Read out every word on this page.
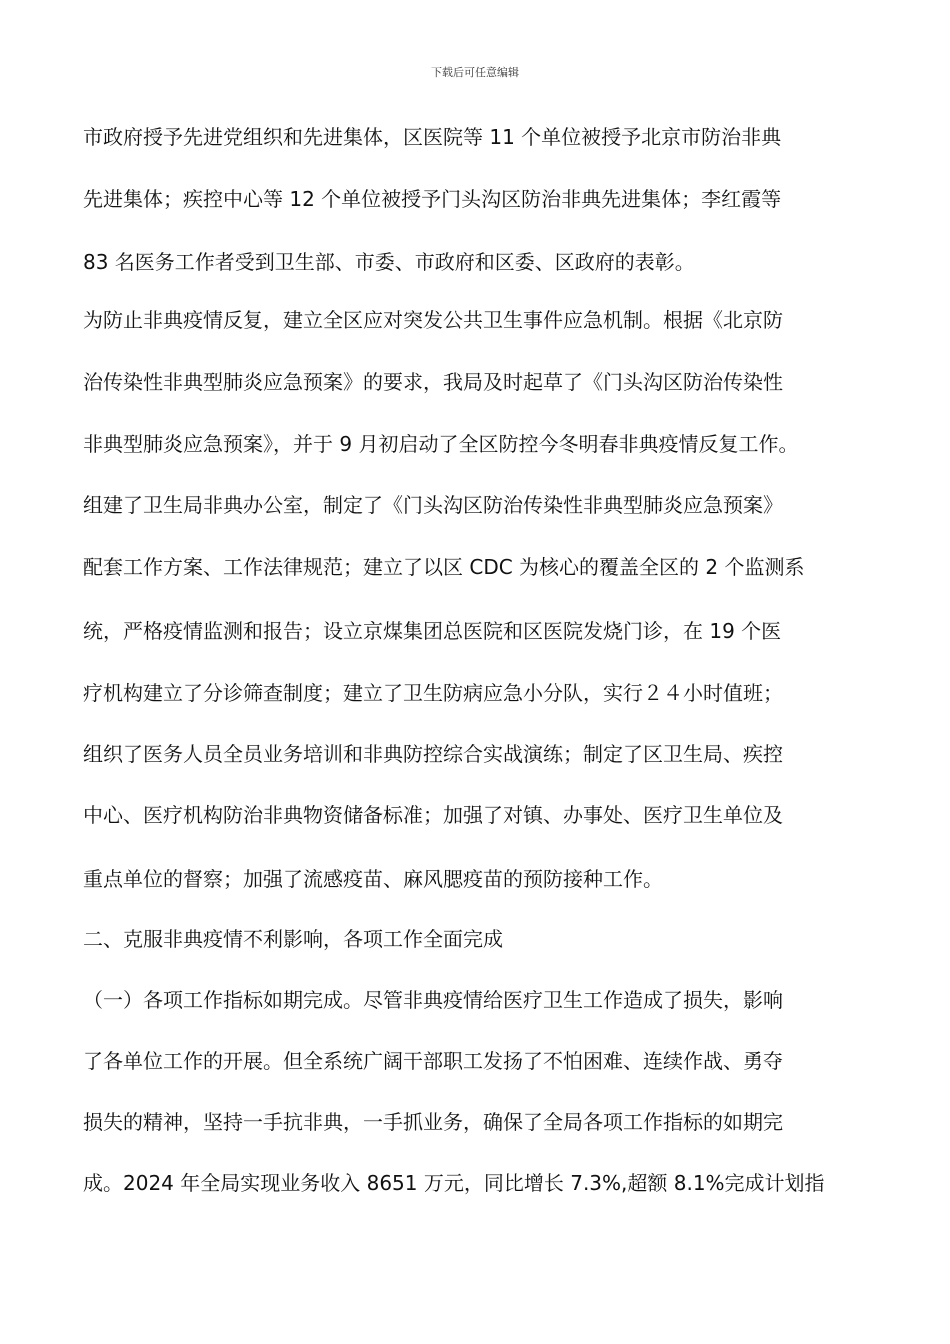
下载后可任意编辑
市政府授予先进党组织和先进集体，区医院等 11 个单位被授予北京市防治非典
先进集体；疾控中心等 12 个单位被授予门头沟区防治非典先进集体；李红霞等
83 名医务工作者受到卫生部、市委、市政府和区委、区政府的表彰。
为防止非典疫情反复，建立全区应对突发公共卫生事件应急机制。根据《北京防
治传染性非典型肺炎应急预案》的要求，我局及时起草了《门头沟区防治传染性
非典型肺炎应急预案》，并于 9 月初启动了全区防控今冬明春非典疫情反复工作。
组建了卫生局非典办公室，制定了《门头沟区防治传染性非典型肺炎应急预案》
配套工作方案、工作法律规范；建立了以区 CDC 为核心的覆盖全区的 2 个监测系
统，严格疫情监测和报告；设立京煤集团总医院和区医院发烧门诊，在 19 个医
疗机构建立了分诊筛查制度；建立了卫生防病应急小分队，实行２４小时值班；
组织了医务人员全员业务培训和非典防控综合实战演练；制定了区卫生局、疾控
中心、医疗机构防治非典物资储备标准；加强了对镇、办事处、医疗卫生单位及
重点单位的督察；加强了流感疫苗、麻风腮疫苗的预防接种工作。
二、克服非典疫情不利影响，各项工作全面完成
（一）各项工作指标如期完成。尽管非典疫情给医疗卫生工作造成了损失，影响
了各单位工作的开展。但全系统广阔干部职工发扬了不怕困难、连续作战、勇夺
损失的精神，坚持一手抗非典，一手抓业务，确保了全局各项工作指标的如期完
成。2024 年全局实现业务收入 8651 万元，同比增长 7.3%,超额 8.1%完成计划指
